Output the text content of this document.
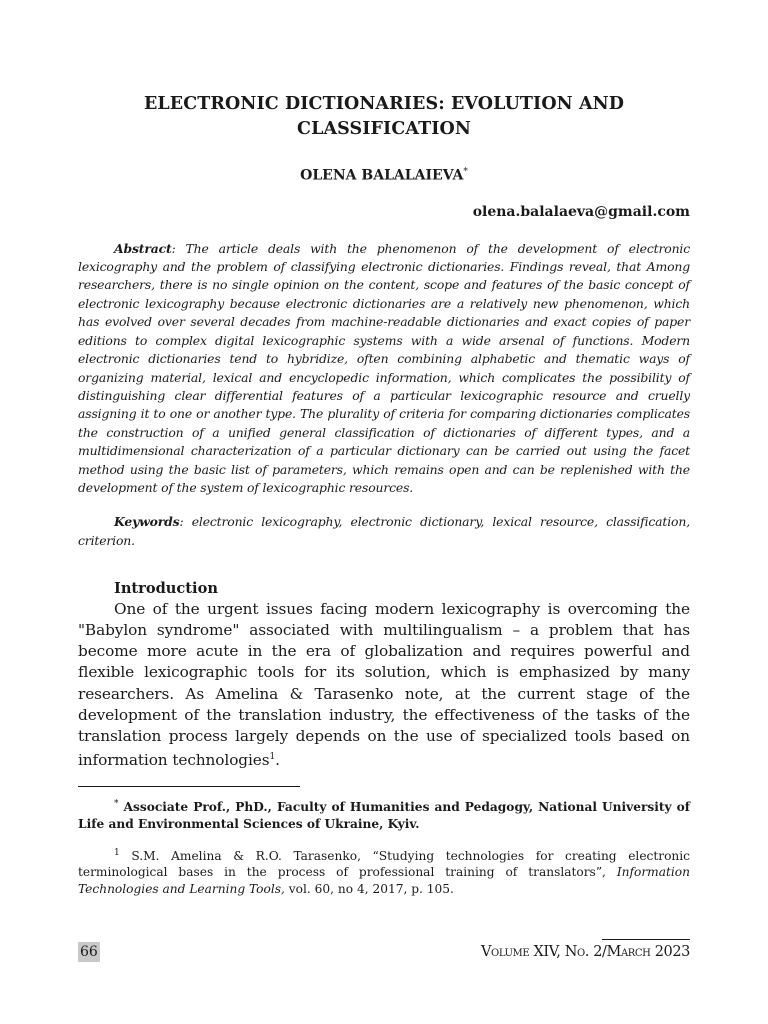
ELECTRONIC DICTIONARIES: EVOLUTION AND CLASSIFICATION
OLENA BALALAIEVA*
olena.balalaeva@gmail.com

Abstract: The article deals with the phenomenon of the development of electronic lexicography and the problem of classifying electronic dictionaries. Findings reveal, that Among researchers, there is no single opinion on the content, scope and features of the basic concept of electronic lexicography because electronic dictionaries are a relatively new phenomenon, which has evolved over several decades from machine-readable dictionaries and exact copies of paper editions to complex digital lexicographic systems with a wide arsenal of functions. Modern electronic dictionaries tend to hybridize, often combining alphabetic and thematic ways of organizing material, lexical and encyclopedic information, which complicates the possibility of distinguishing clear differential features of a particular lexicographic resource and cruelly assigning it to one or another type. The plurality of criteria for comparing dictionaries complicates the construction of a unified general classification of dictionaries of different types, and a multidimensional characterization of a particular dictionary can be carried out using the facet method using the basic list of parameters, which remains open and can be replenished with the development of the system of lexicographic resources.

Keywords: electronic lexicography, electronic dictionary, lexical resource, classification, criterion.

Introduction

One of the urgent issues facing modern lexicography is overcoming the "Babylon syndrome" associated with multilingualism – a problem that has become more acute in the era of globalization and requires powerful and flexible lexicographic tools for its solution, which is emphasized by many researchers. As Amelina & Tarasenko note, at the current stage of the development of the translation industry, the effectiveness of the tasks of the translation process largely depends on the use of specialized tools based on information technologies$^1$.

* Associate Prof., PhD., Faculty of Humanities and Pedagogy, National University of Life and Environmental Sciences of Ukraine, Kyiv.

$^1$ S.M. Amelina & R.O. Tarasenko, “Studying technologies for creating electronic terminological bases in the process of professional training of translators”, Information Technologies and Learning Tools, vol. 60, no 4, 2017, p. 105.

66	Volume XIV, No. 2/March 2023
